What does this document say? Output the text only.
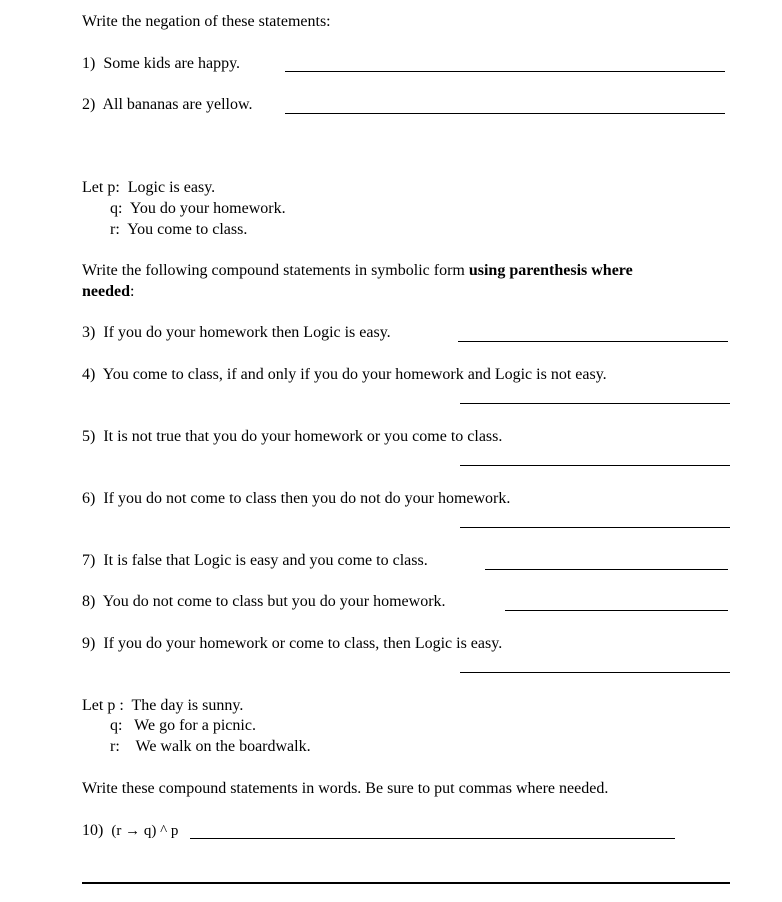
Write the negation of these statements:
1) Some kids are happy.
2) All bananas are yellow.
Let p: Logic is easy.
q: You do your homework.
r: You come to class.
Write the following compound statements in symbolic form using parenthesis where
needed:
3) If you do your homework then Logic is easy.
4) You come to class, if and only if you do your homework and Logic is not easy.
5) It is not true that you do your homework or you come to class.
6) If you do not come to class then you do not do your homework.
7) It is false that Logic is easy and you come to class.
8) You do not come to class but you do your homework.
9) If you do your homework or come to class, then Logic is easy.
Let p : The day is sunny.
q: We go for a picnic.
r: We walk on the boardwalk.
Write these compound statements in words. Be sure to put commas where needed.
10) (r → q) ^ p
